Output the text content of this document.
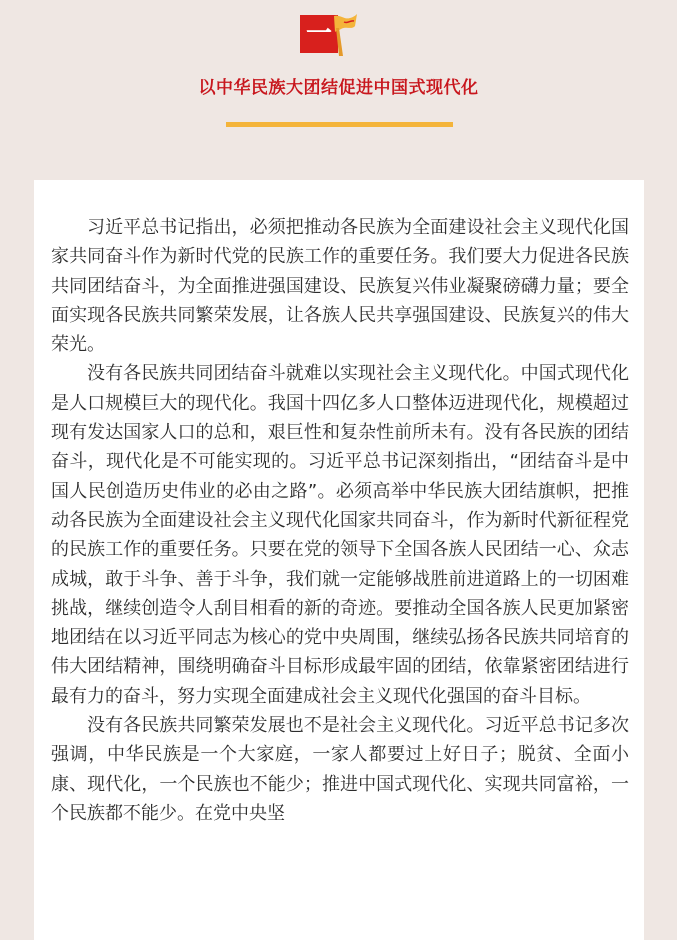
一
以中华民族大团结促进中国式现代化

习近平总书记指出，必须把推动各民族为全面建设社会主义现代化国家共同奋斗作为新时代党的民族工作的重要任务。我们要大力促进各民族共同团结奋斗，为全面推进强国建设、民族复兴伟业凝聚磅礴力量；要全面实现各民族共同繁荣发展，让各族人民共享强国建设、民族复兴的伟大荣光。

没有各民族共同团结奋斗就难以实现社会主义现代化。中国式现代化是人口规模巨大的现代化。我国十四亿多人口整体迈进现代化，规模超过现有发达国家人口的总和，艰巨性和复杂性前所未有。没有各民族的团结奋斗，现代化是不可能实现的。习近平总书记深刻指出，“团结奋斗是中国人民创造历史伟业的必由之路”。必须高举中华民族大团结旗帜，把推动各民族为全面建设社会主义现代化国家共同奋斗，作为新时代新征程党的民族工作的重要任务。只要在党的领导下全国各族人民团结一心、众志成城，敢于斗争、善于斗争，我们就一定能够战胜前进道路上的一切困难挑战，继续创造令人刮目相看的新的奇迹。要推动全国各族人民更加紧密地团结在以习近平同志为核心的党中央周围，继续弘扬各民族共同培育的伟大团结精神，围绕明确奋斗目标形成最牢固的团结，依靠紧密团结进行最有力的奋斗，努力实现全面建成社会主义现代化强国的奋斗目标。

没有各民族共同繁荣发展也不是社会主义现代化。习近平总书记多次强调，中华民族是一个大家庭，一家人都要过上好日子；脱贫、全面小康、现代化，一个民族也不能少；推进中国式现代化、实现共同富裕，一个民族都不能少。在党中央坚
